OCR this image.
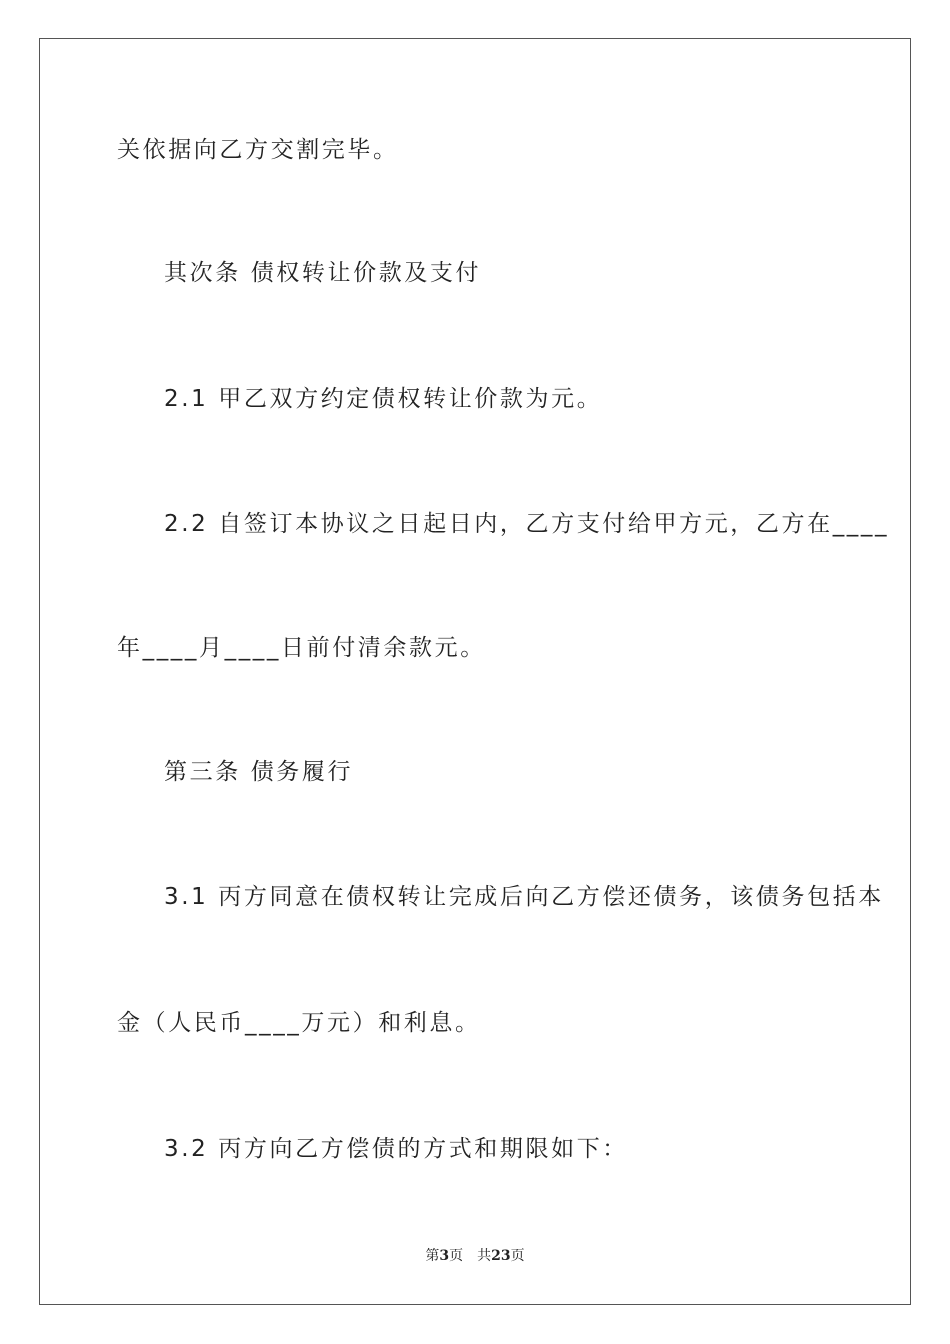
关依据向乙方交割完毕。
其次条 债权转让价款及支付
2.1 甲乙双方约定债权转让价款为元。
2.2 自签订本协议之日起日内，乙方支付给甲方元，乙方在____
年____月____日前付清余款元。
第三条 债务履行
3.1 丙方同意在债权转让完成后向乙方偿还债务，该债务包括本
金（人民币____万元）和利息。
3.2 丙方向乙方偿债的方式和期限如下：
第3页 共23页
